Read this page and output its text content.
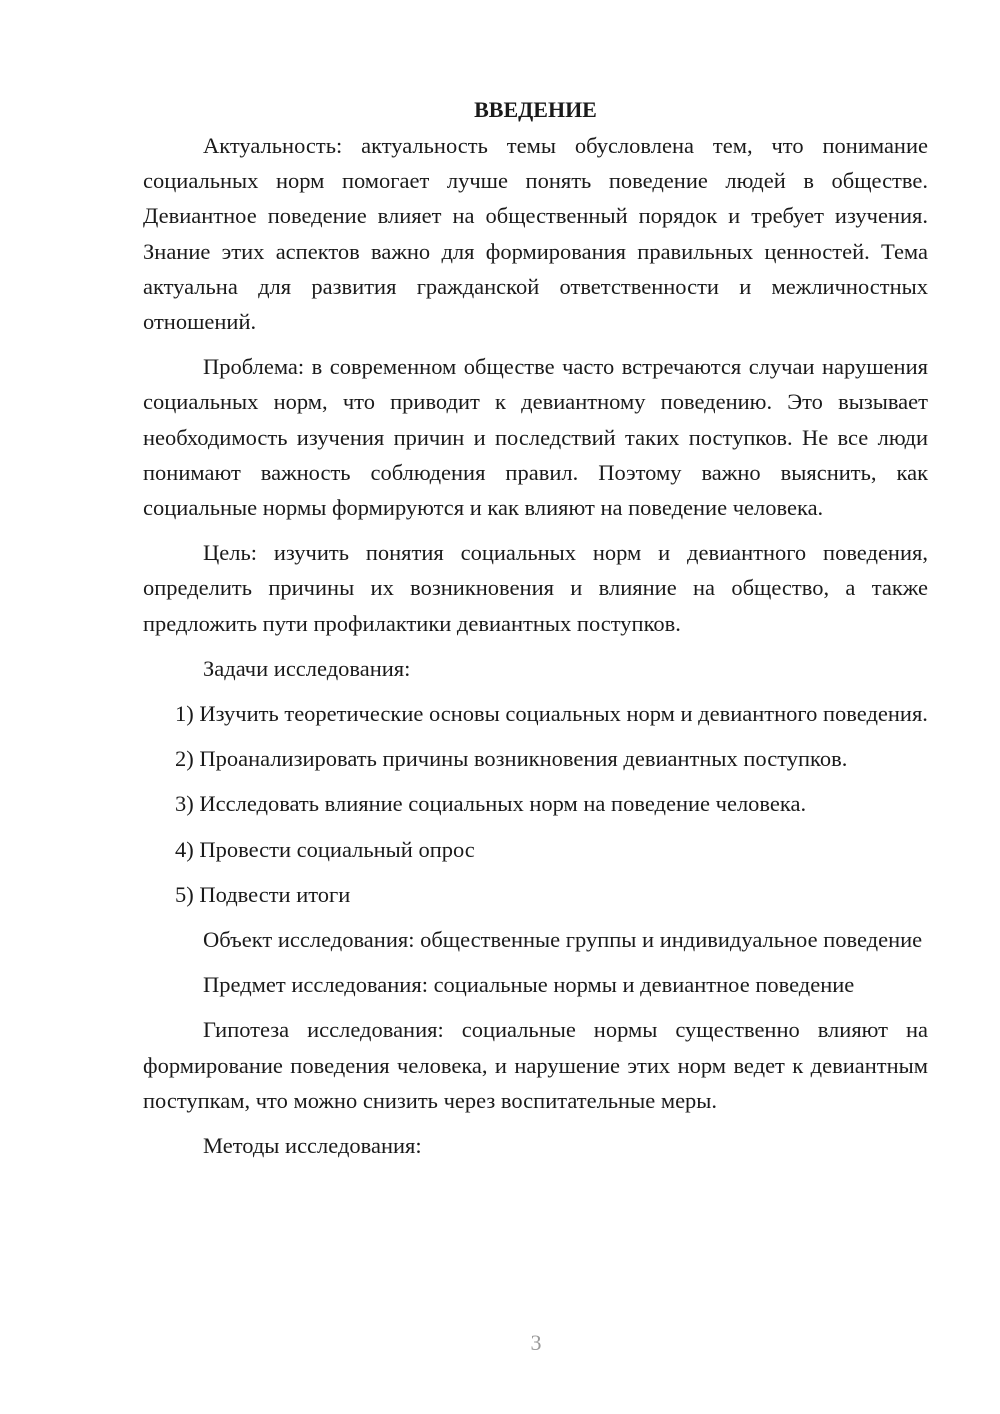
ВВЕДЕНИЕ

Актуальность: актуальность темы обусловлена тем, что понимание социальных норм помогает лучше понять поведение людей в обществе. Девиантное поведение влияет на общественный порядок и требует изучения. Знание этих аспектов важно для формирования правильных ценностей. Тема актуальна для развития гражданской ответственности и межличностных отношений.

Проблема: в современном обществе часто встречаются случаи нарушения социальных норм, что приводит к девиантному поведению. Это вызывает необходимость изучения причин и последствий таких поступков. Не все люди понимают важность соблюдения правил. Поэтому важно выяснить, как социальные нормы формируются и как влияют на поведение человека.

Цель: изучить понятия социальных норм и девиантного поведения, определить причины их возникновения и влияние на общество, а также предложить пути профилактики девиантных поступков.

Задачи исследования:

1) Изучить теоретические основы социальных норм и девиантного поведения.

2) Проанализировать причины возникновения девиантных поступков.

3) Исследовать влияние социальных норм на поведение человека.

4) Провести социальный опрос

5) Подвести итоги

Объект исследования: общественные группы и индивидуальное поведение

Предмет исследования: социальные нормы и девиантное поведение

Гипотеза исследования: социальные нормы существенно влияют на формирование поведения человека, и нарушение этих норм ведет к девиантным поступкам, что можно снизить через воспитательные меры.

Методы исследования:

3
